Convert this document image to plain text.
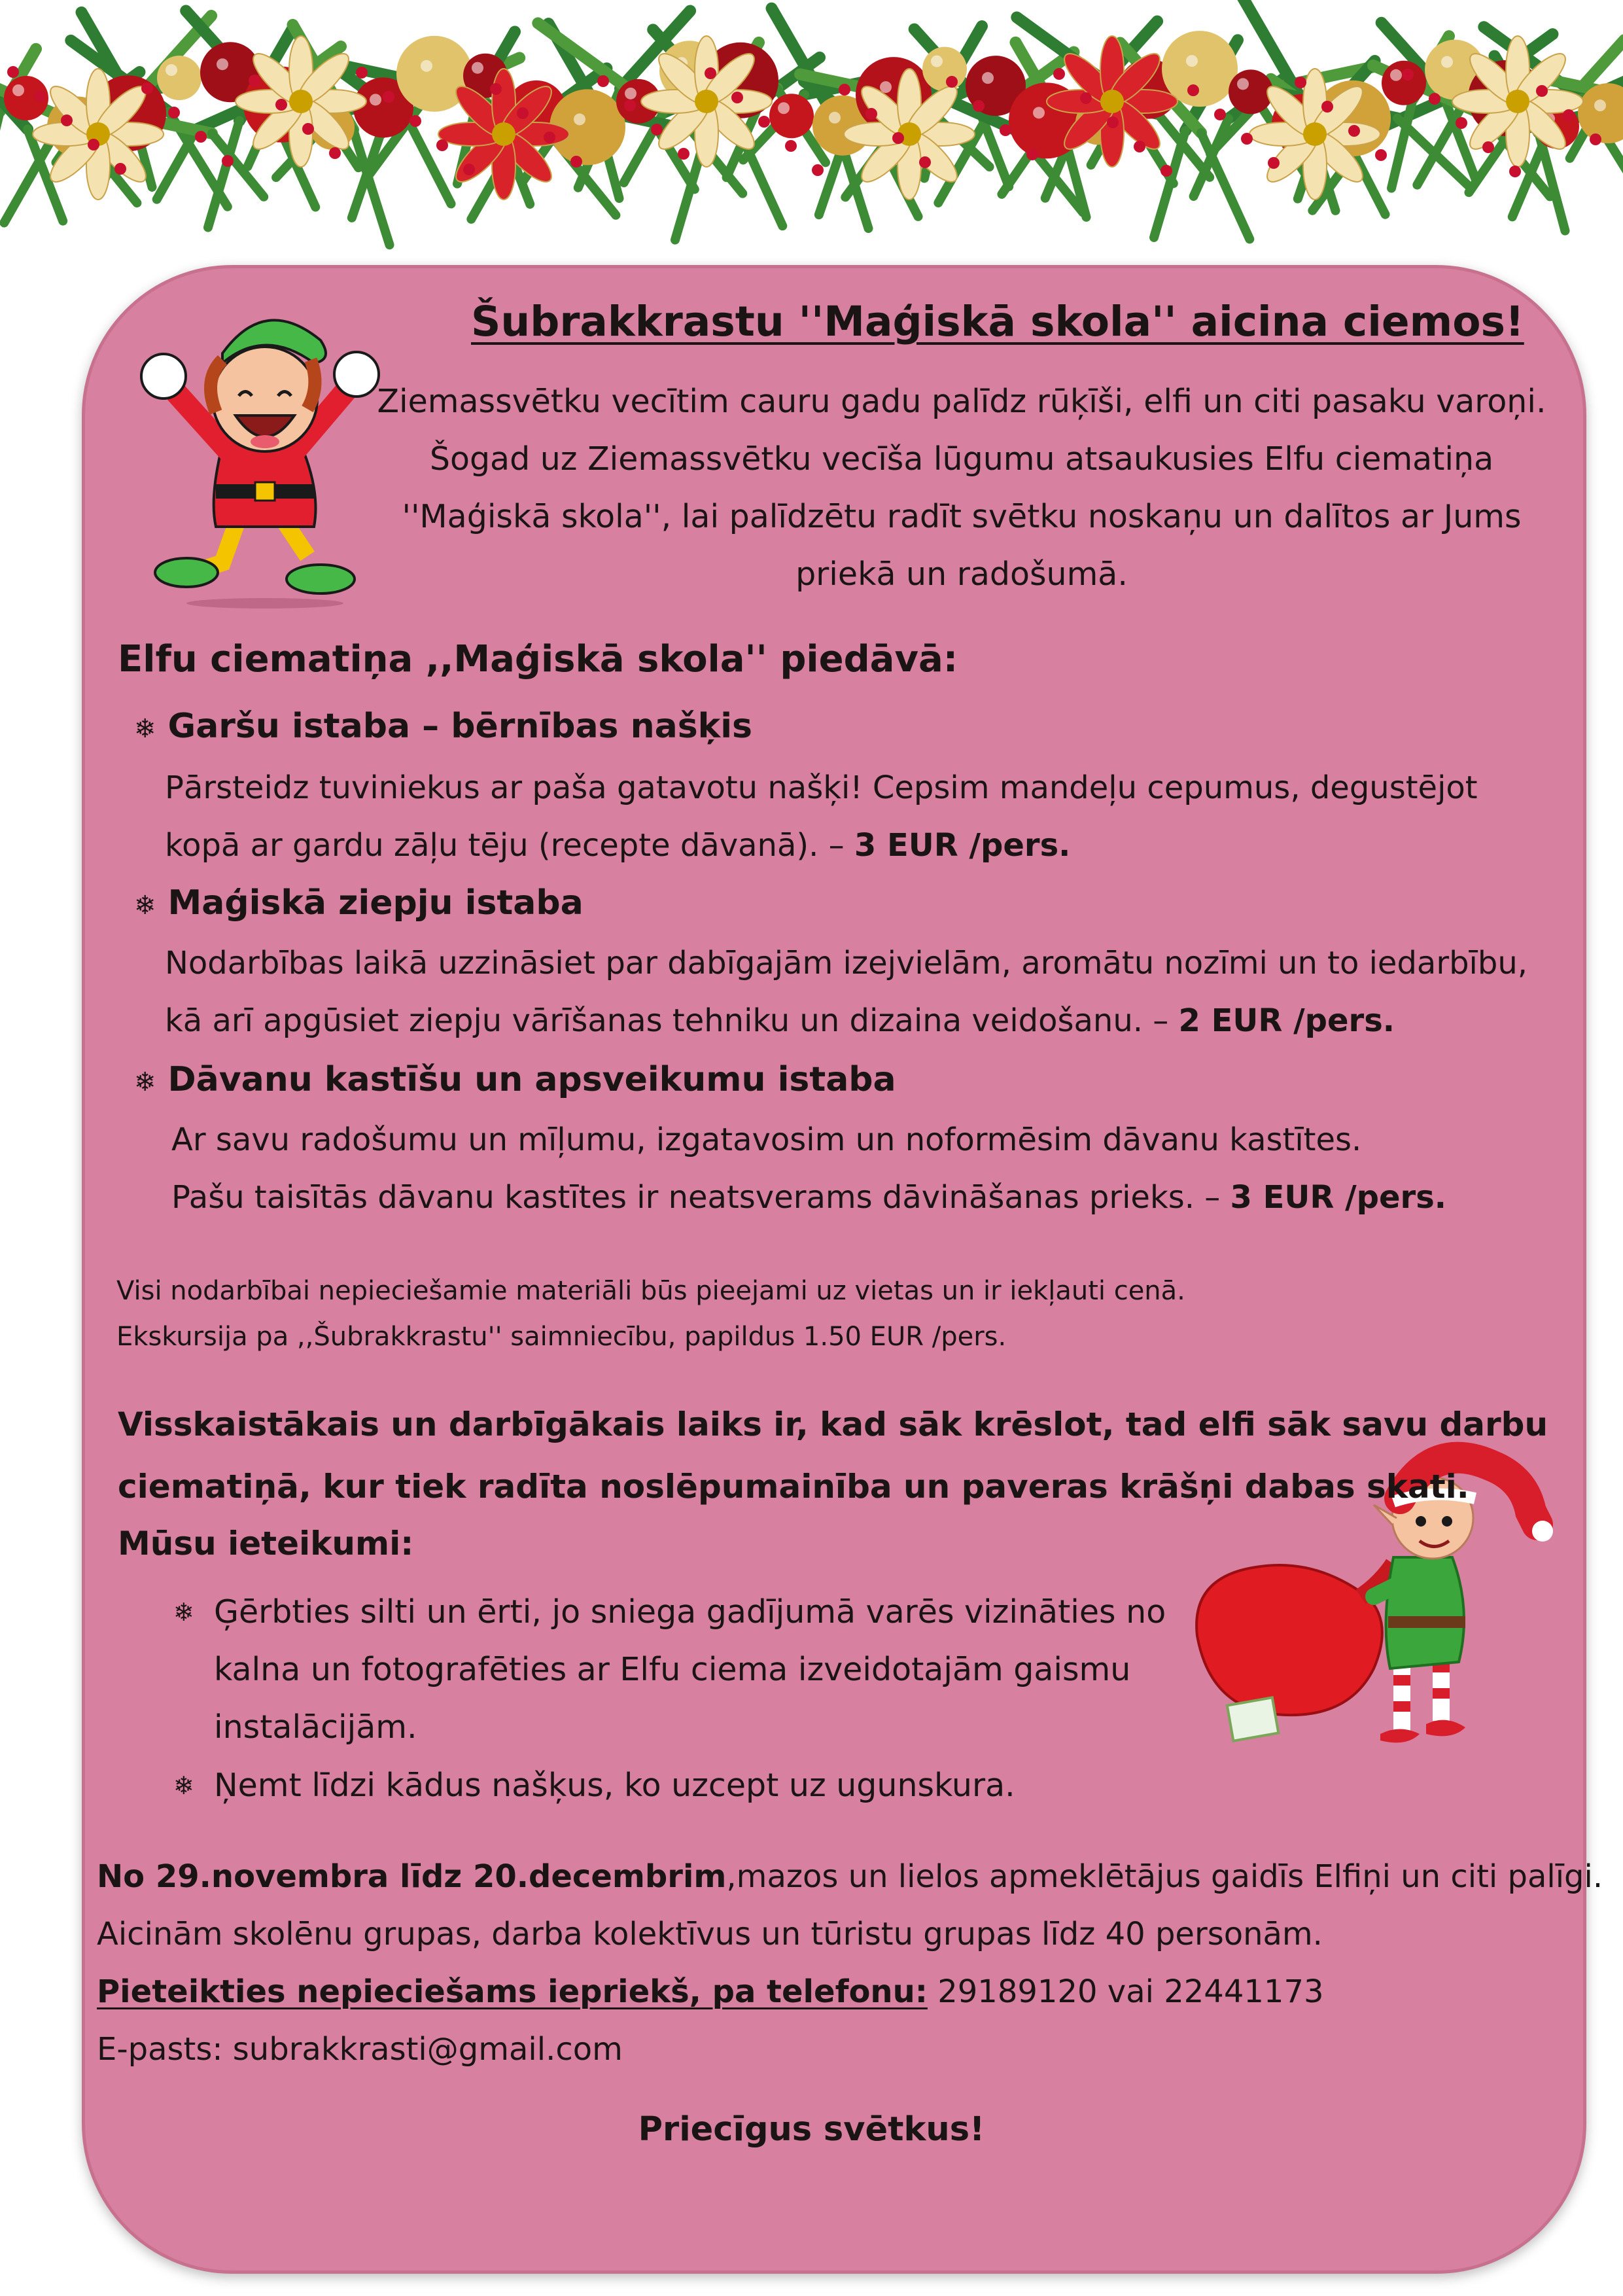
Šubrakkrastu ''Maģiskā skola'' aicina ciemos!

Ziemassvētku vecītim cauru gadu palīdz rūķīši, elfi un citi pasaku varoņi. Šogad uz Ziemassvētku vecīša lūgumu atsaukusies Elfu ciematiņa ''Maģiskā skola'', lai palīdzētu radīt svētku noskaņu un dalītos ar Jums priekā un radošumā.

Elfu ciematiņa ,,Maģiskā skola'' piedāvā:
❄ Garšu istaba – bērnības našķis
Pārsteidz tuviniekus ar paša gatavotu našķi! Cepsim mandeļu cepumus, degustējot
kopā ar gardu zāļu tēju (recepte dāvanā). – 3 EUR /pers.
❄ Maģiskā ziepju istaba
Nodarbības laikā uzzināsiet par dabīgajām izejvielām, aromātu nozīmi un to iedarbību,
kā arī apgūsiet ziepju vārīšanas tehniku un dizaina veidošanu. – 2 EUR /pers.
❄ Dāvanu kastīšu un apsveikumu istaba
Ar savu radošumu un mīļumu, izgatavosim un noformēsim dāvanu kastītes.
Pašu taisītās dāvanu kastītes ir neatsverams dāvināšanas prieks. – 3 EUR /pers.
Visi nodarbībai nepieciešamie materiāli būs pieejami uz vietas un ir iekļauti cenā.
Ekskursija pa ,,Šubrakkrastu'' saimniecību, papildus 1.50 EUR /pers.
Visskaistākais un darbīgākais laiks ir, kad sāk krēslot, tad elfi sāk savu darbu
ciematiņā, kur tiek radīta noslēpumainība un paveras krāšņi dabas skati.
Mūsu ieteikumi:
❄ Ģērbties silti un ērti, jo sniega gadījumā varēs vizināties no kalna un fotografēties ar Elfu ciema izveidotajām gaismu instalācijām.
❄ Ņemt līdzi kādus našķus, ko uzcept uz ugunskura.
No 29.novembra līdz 20.decembrim,mazos un lielos apmeklētājus gaidīs Elfiņi un citi palīgi.
Aicinām skolēnu grupas, darba kolektīvus un tūristu grupas līdz 40 personām.
Pieteikties nepieciešams iepriekš, pa telefonu: 29189120 vai 22441173
E-pasts: subrakkrasti@gmail.com
Priecīgus svētkus!
